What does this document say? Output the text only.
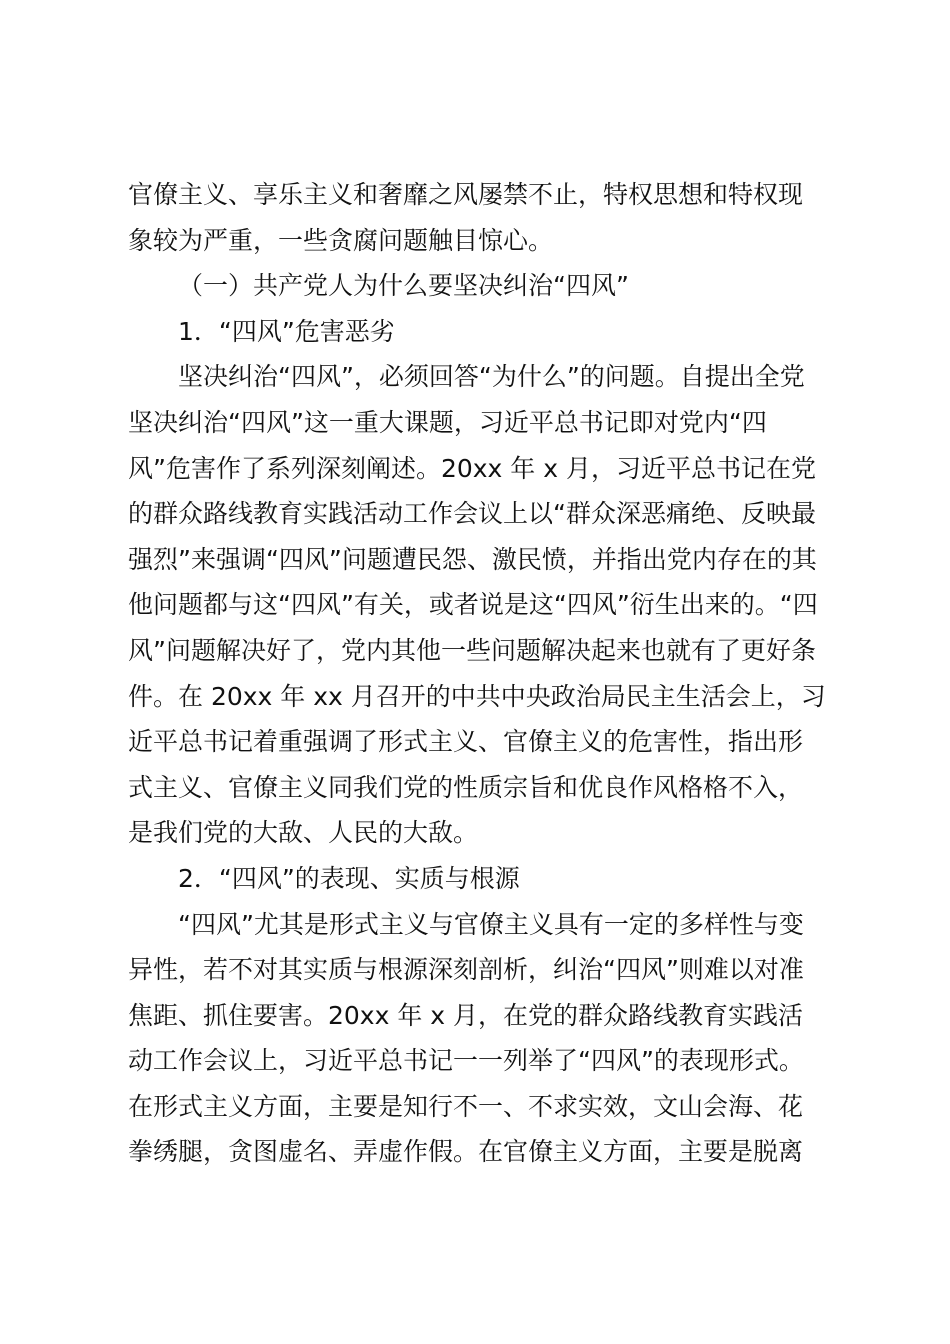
官僚主义、享乐主义和奢靡之风屡禁不止，特权思想和特权现
象较为严重，一些贪腐问题触目惊心。
（一）共产党人为什么要坚决纠治“四风”
1．“四风”危害恶劣
坚决纠治“四风”，必须回答“为什么”的问题。自提出全党
坚决纠治“四风”这一重大课题，习近平总书记即对党内“四
风”危害作了系列深刻阐述。20xx 年 x 月，习近平总书记在党
的群众路线教育实践活动工作会议上以“群众深恶痛绝、反映最
强烈”来强调“四风”问题遭民怨、激民愤，并指出党内存在的其
他问题都与这“四风”有关，或者说是这“四风”衍生出来的。“四
风”问题解决好了，党内其他一些问题解决起来也就有了更好条
件。在 20xx 年 xx 月召开的中共中央政治局民主生活会上，习
近平总书记着重强调了形式主义、官僚主义的危害性，指出形
式主义、官僚主义同我们党的性质宗旨和优良作风格格不入，
是我们党的大敌、人民的大敌。
2．“四风”的表现、实质与根源
“四风”尤其是形式主义与官僚主义具有一定的多样性与变
异性，若不对其实质与根源深刻剖析，纠治“四风”则难以对准
焦距、抓住要害。20xx 年 x 月，在党的群众路线教育实践活
动工作会议上，习近平总书记一一列举了“四风”的表现形式。
在形式主义方面，主要是知行不一、不求实效，文山会海、花
拳绣腿，贪图虚名、弄虚作假。在官僚主义方面，主要是脱离
